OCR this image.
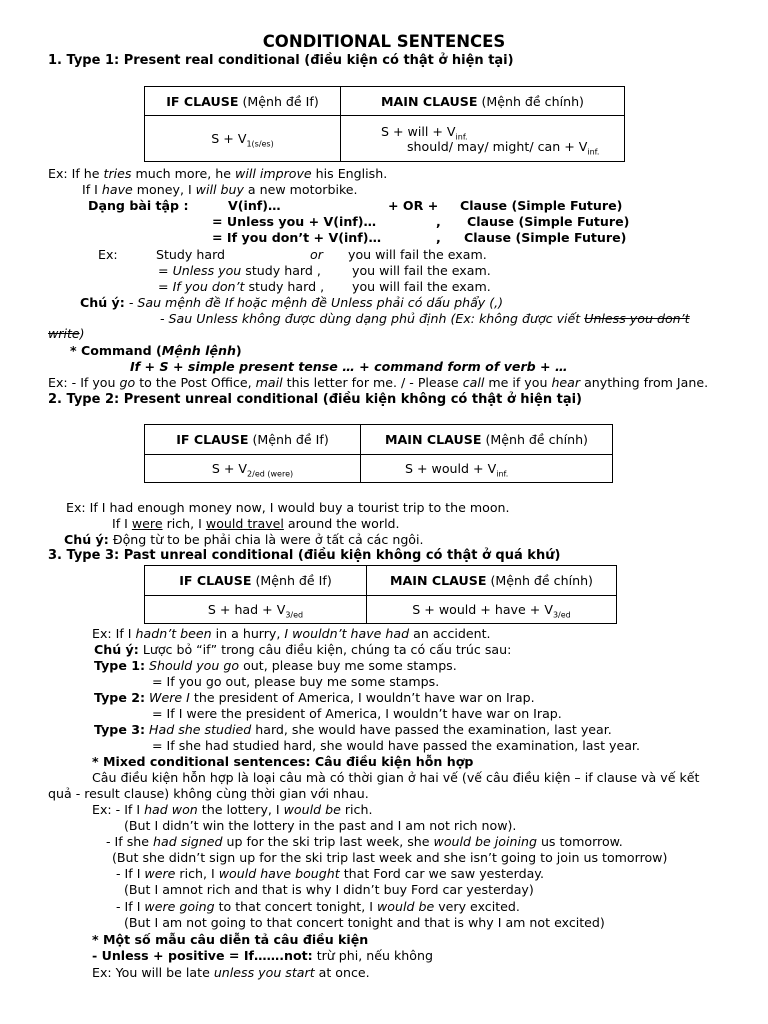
CONDITIONAL SENTENCES
1. Type 1: Present real conditional (điều kiện có thật ở hiện tại)
IF CLAUSE (Mệnh đề If)	MAIN CLAUSE (Mệnh đề chính)
$S + V_{1(s/es)}$	S + will + $V_{inf.}$
should/ may/ might/ can + $V_{inf.}$
Ex: If he tries much more, he will improve his English.
If I have money, I will buy a new motorbike.
Dạng bài tập :	V(inf)…	+ OR + Clause (Simple Future)
= Unless you + V(inf)…	, Clause (Simple Future)
= If you don’t + V(inf)…	, Clause (Simple Future)
Ex:	Study hard	or you will fail the exam.
= Unless you study hard , you will fail the exam.
= If you don’t study hard , you will fail the exam.
Chú ý: - Sau mệnh đề If hoặc mệnh đề Unless phải có dấu phẩy (,)
- Sau Unless không được dùng dạng phủ định (Ex: không được viết Unless you don’t
write)
* Command (Mệnh lệnh)
If + S + simple present tense … + command form of verb + …
Ex: - If you go to the Post Office, mail this letter for me. / - Please call me if you hear anything from Jane.
2. Type 2: Present unreal conditional (điều kiện không có thật ở hiện tại)
IF CLAUSE (Mệnh đề If)	MAIN CLAUSE (Mệnh đề chính)
$S + V_{2/ed (were)}$	S + would + $V_{inf.}$
Ex: If I had enough money now, I would buy a tourist trip to the moon.
If I were rich, I would travel around the world.
Chú ý: Động từ to be phải chia là were ở tất cả các ngôi.
3. Type 3: Past unreal conditional (điều kiện không có thật ở quá khứ)
IF CLAUSE (Mệnh đề If)	MAIN CLAUSE (Mệnh đề chính)
S + had + $V_{3/ed}$	S + would + have + $V_{3/ed}$
Ex: If I hadn’t been in a hurry, I wouldn’t have had an accident.
Chú ý: Lược bỏ “if” trong câu điều kiện, chúng ta có cấu trúc sau:
Type 1: Should you go out, please buy me some stamps.
= If you go out, please buy me some stamps.
Type 2: Were I the president of America, I wouldn’t have war on Irap.
= If I were the president of America, I wouldn’t have war on Irap.
Type 3: Had she studied hard, she would have passed the examination, last year.
= If she had studied hard, she would have passed the examination, last year.
* Mixed conditional sentences: Câu điều kiện hỗn hợp
Câu điều kiện hỗn hợp là loại câu mà có thời gian ở hai vế (vế câu điều kiện – if clause và vế kết
quả - result clause) không cùng thời gian với nhau.
Ex: - If I had won the lottery, I would be rich.
(But I didn’t win the lottery in the past and I am not rich now).
- If she had signed up for the ski trip last week, she would be joining us tomorrow.
(But she didn’t sign up for the ski trip last week and she isn’t going to join us tomorrow)
- If I were rich, I would have bought that Ford car we saw yesterday.
(But I amnot rich and that is why I didn’t buy Ford car yesterday)
- If I were going to that concert tonight, I would be very excited.
(But I am not going to that concert tonight and that is why I am not excited)
* Một số mẫu câu diễn tả câu điều kiện
- Unless + positive = If…….not: trừ phi, nếu không
Ex: You will be late unless you start at once.
